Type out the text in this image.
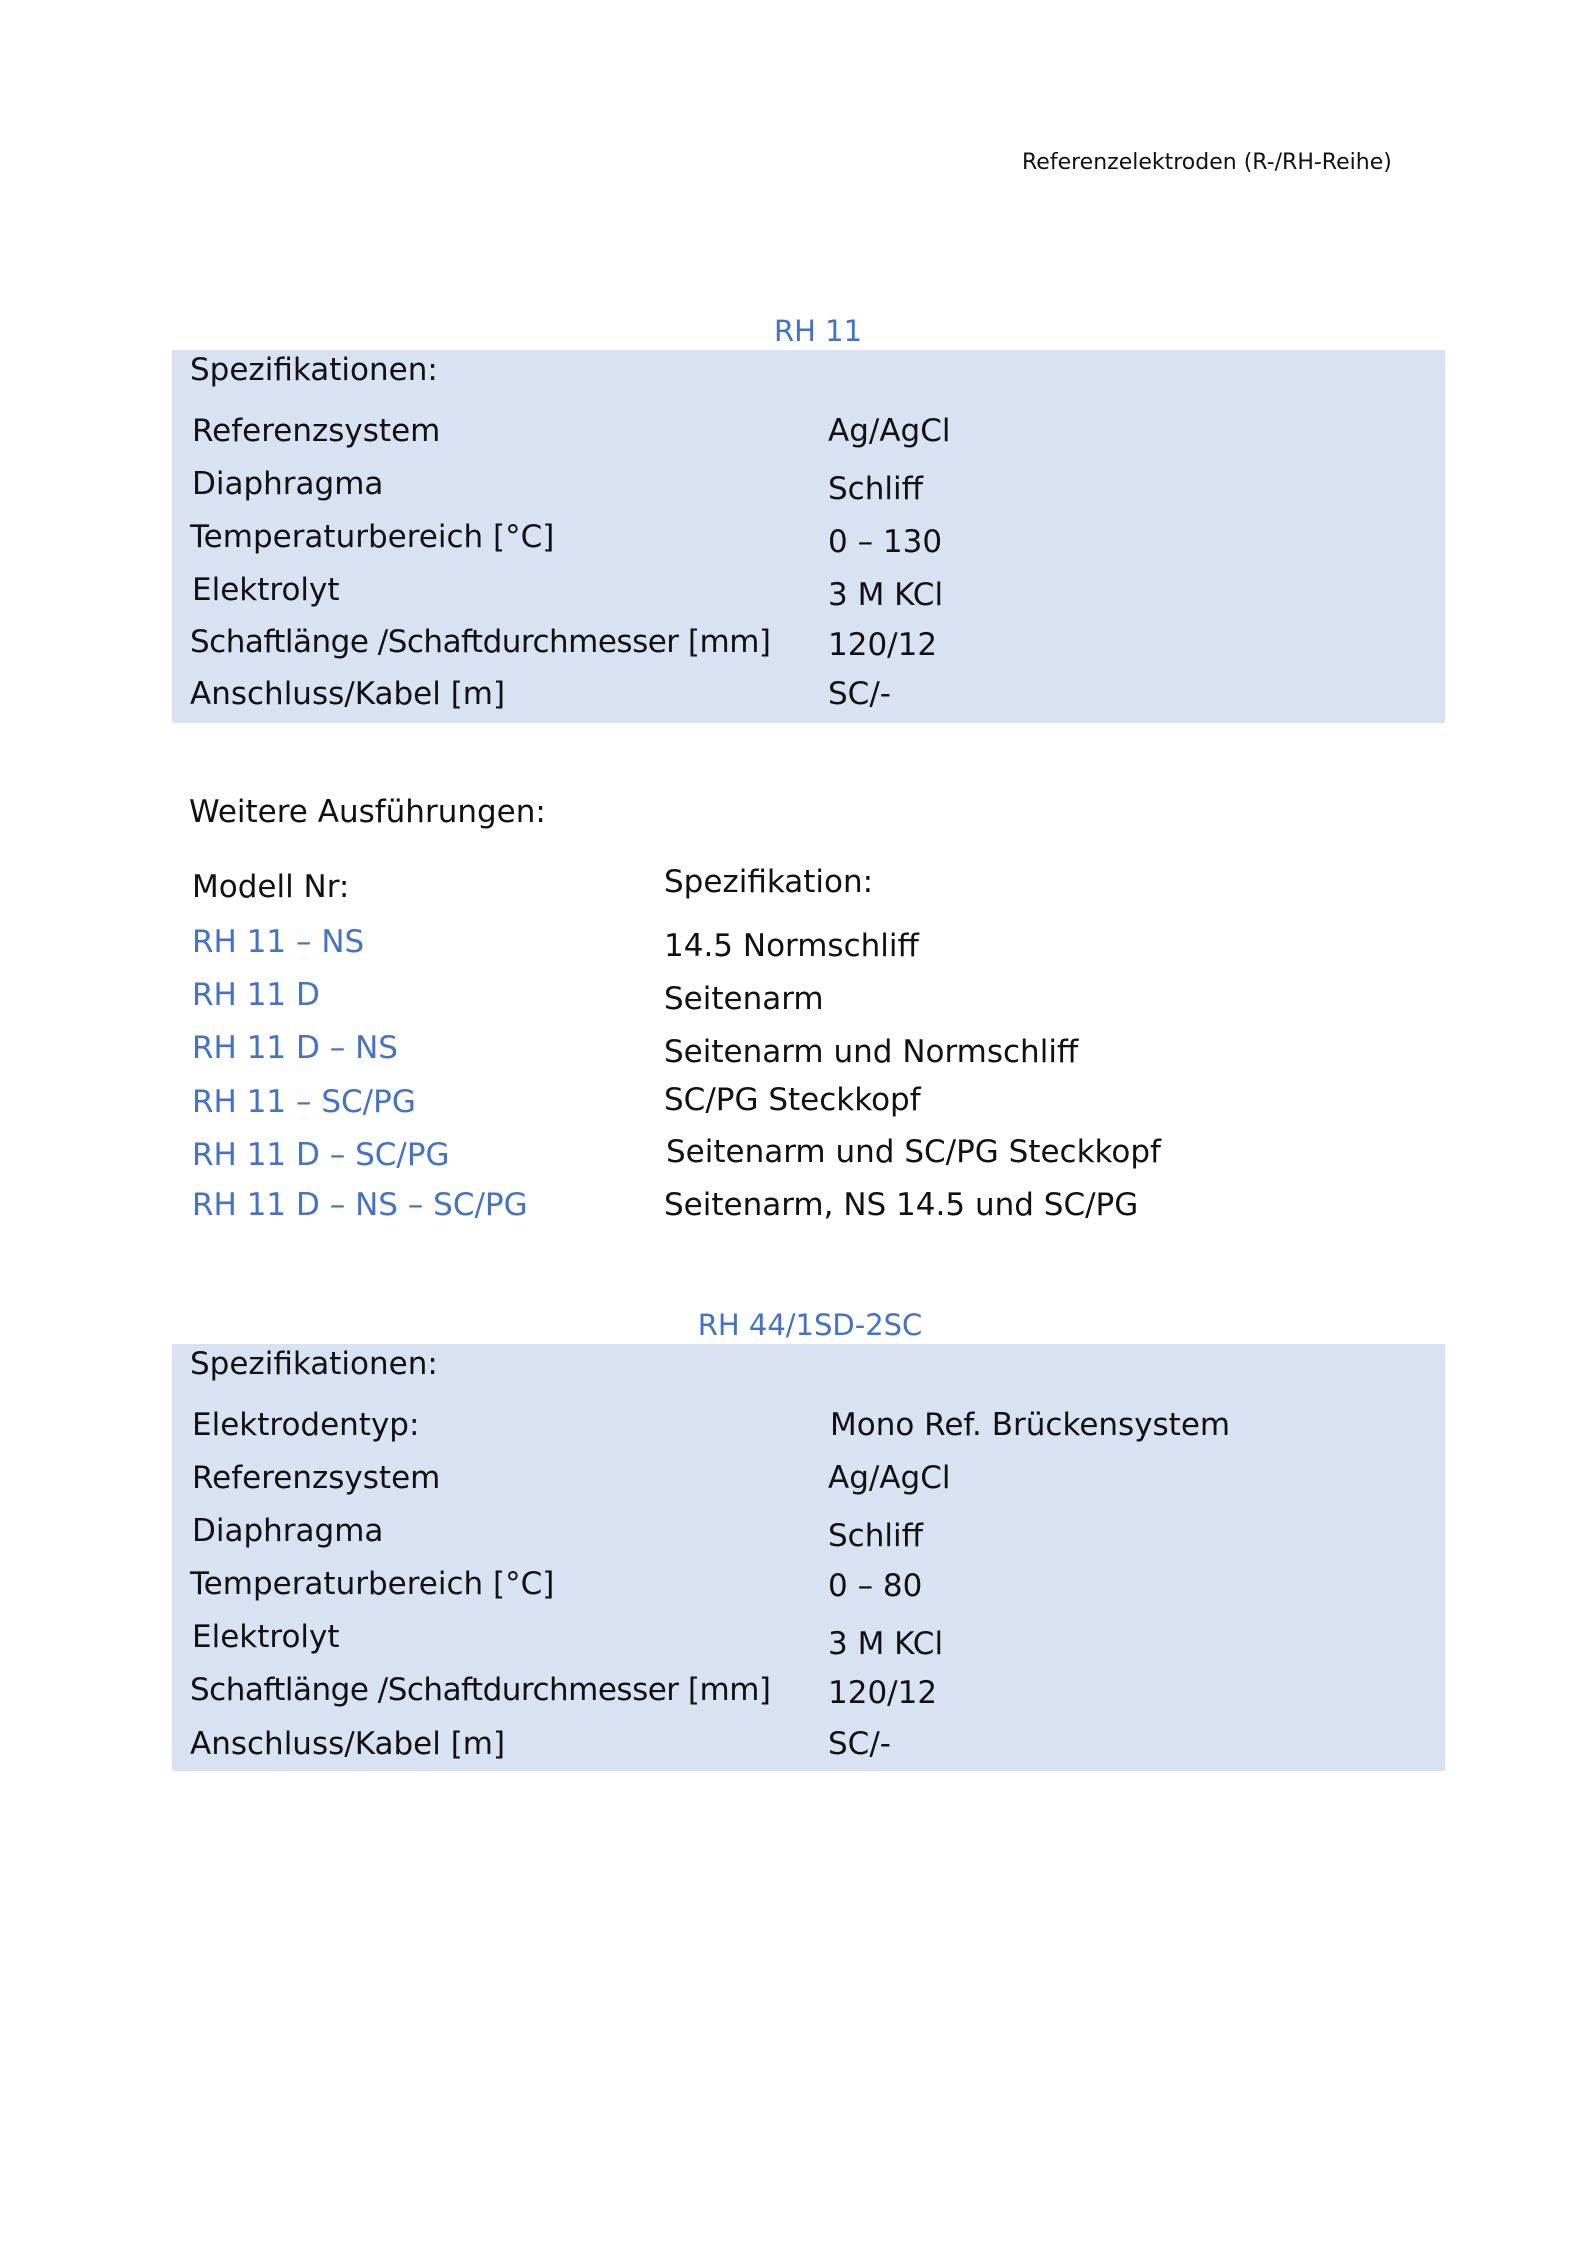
Referenzelektroden (R-/RH-Reihe)
RH 11
Spezifikationen:
Referenzsystem	Ag/AgCl
Diaphragma	Schliff
Temperaturbereich [°C]	0 – 130
Elektrolyt	3 M KCl
Schaftlänge /Schaftdurchmesser [mm] 120/12
Anschluss/Kabel [m]	SC/-
Weitere Ausführungen:
Modell Nr:	Spezifikation:
RH 11 – NS	14.5 Normschliff
RH 11 D	Seitenarm
RH 11 D – NS	Seitenarm und Normschliff
RH 11 – SC/PG	SC/PG Steckkopf
RH 11 D – SC/PG	Seitenarm und SC/PG Steckkopf
RH 11 D – NS – SC/PG	Seitenarm, NS 14.5 und SC/PG
RH 44/1SD-2SC
Spezifikationen:
Elektrodentyp:	Mono Ref. Brückensystem
Referenzsystem	Ag/AgCl
Diaphragma	Schliff
Temperaturbereich [°C]	0 – 80
Elektrolyt	3 M KCl
Schaftlänge /Schaftdurchmesser [mm] 120/12
Anschluss/Kabel [m]	SC/-
